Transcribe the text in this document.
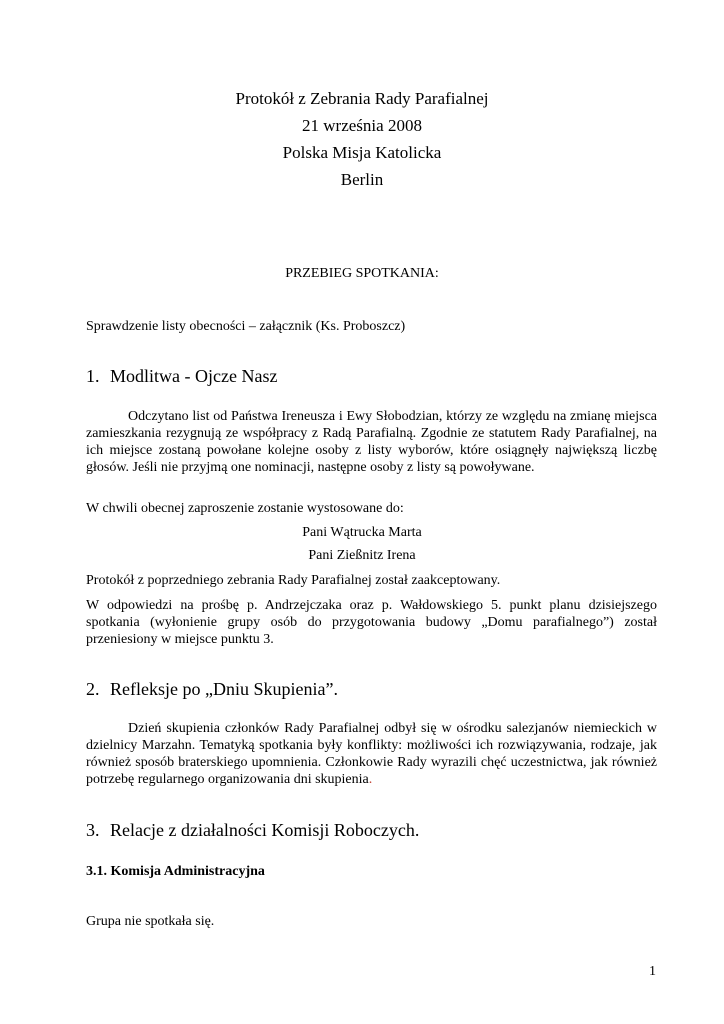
Protokół z Zebrania Rady Parafialnej
21 września 2008
Polska Misja Katolicka
Berlin
PRZEBIEG SPOTKANIA:
Sprawdzenie listy obecności – załącznik (Ks. Proboszcz)
1. Modlitwa - Ojcze Nasz
Odczytano list od Państwa Ireneusza i Ewy Słobodzian, którzy ze względu na zmianę miejsca zamieszkania rezygnują ze współpracy z Radą Parafialną. Zgodnie ze statutem Rady Parafialnej, na ich miejsce zostaną powołane kolejne osoby z listy wyborów, które osiągnęły największą liczbę głosów. Jeśli nie przyjmą one nominacji, następne osoby z listy są powoływane.
W chwili obecnej zaproszenie zostanie wystosowane do:
Pani Wątrucka Marta
Pani Zießnitz Irena
Protokół z poprzedniego zebrania Rady Parafialnej został zaakceptowany.
W odpowiedzi na prośbę p. Andrzejczaka oraz p. Wałdowskiego 5. punkt planu dzisiejszego spotkania (wyłonienie grupy osób do przygotowania budowy „Domu parafialnego”) został przeniesiony w miejsce punktu 3.
2. Refleksje po „Dniu Skupienia”.
Dzień skupienia członków Rady Parafialnej odbył się w ośrodku salezjanów niemieckich w dzielnicy Marzahn. Tematyką spotkania były konflikty: możliwości ich rozwiązywania, rodzaje, jak również sposób braterskiego upomnienia. Członkowie Rady wyrazili chęć uczestnictwa, jak również potrzebę regularnego organizowania dni skupienia.
3. Relacje z działalności Komisji Roboczych.
3.1. Komisja Administracyjna
Grupa nie spotkała się.
1
